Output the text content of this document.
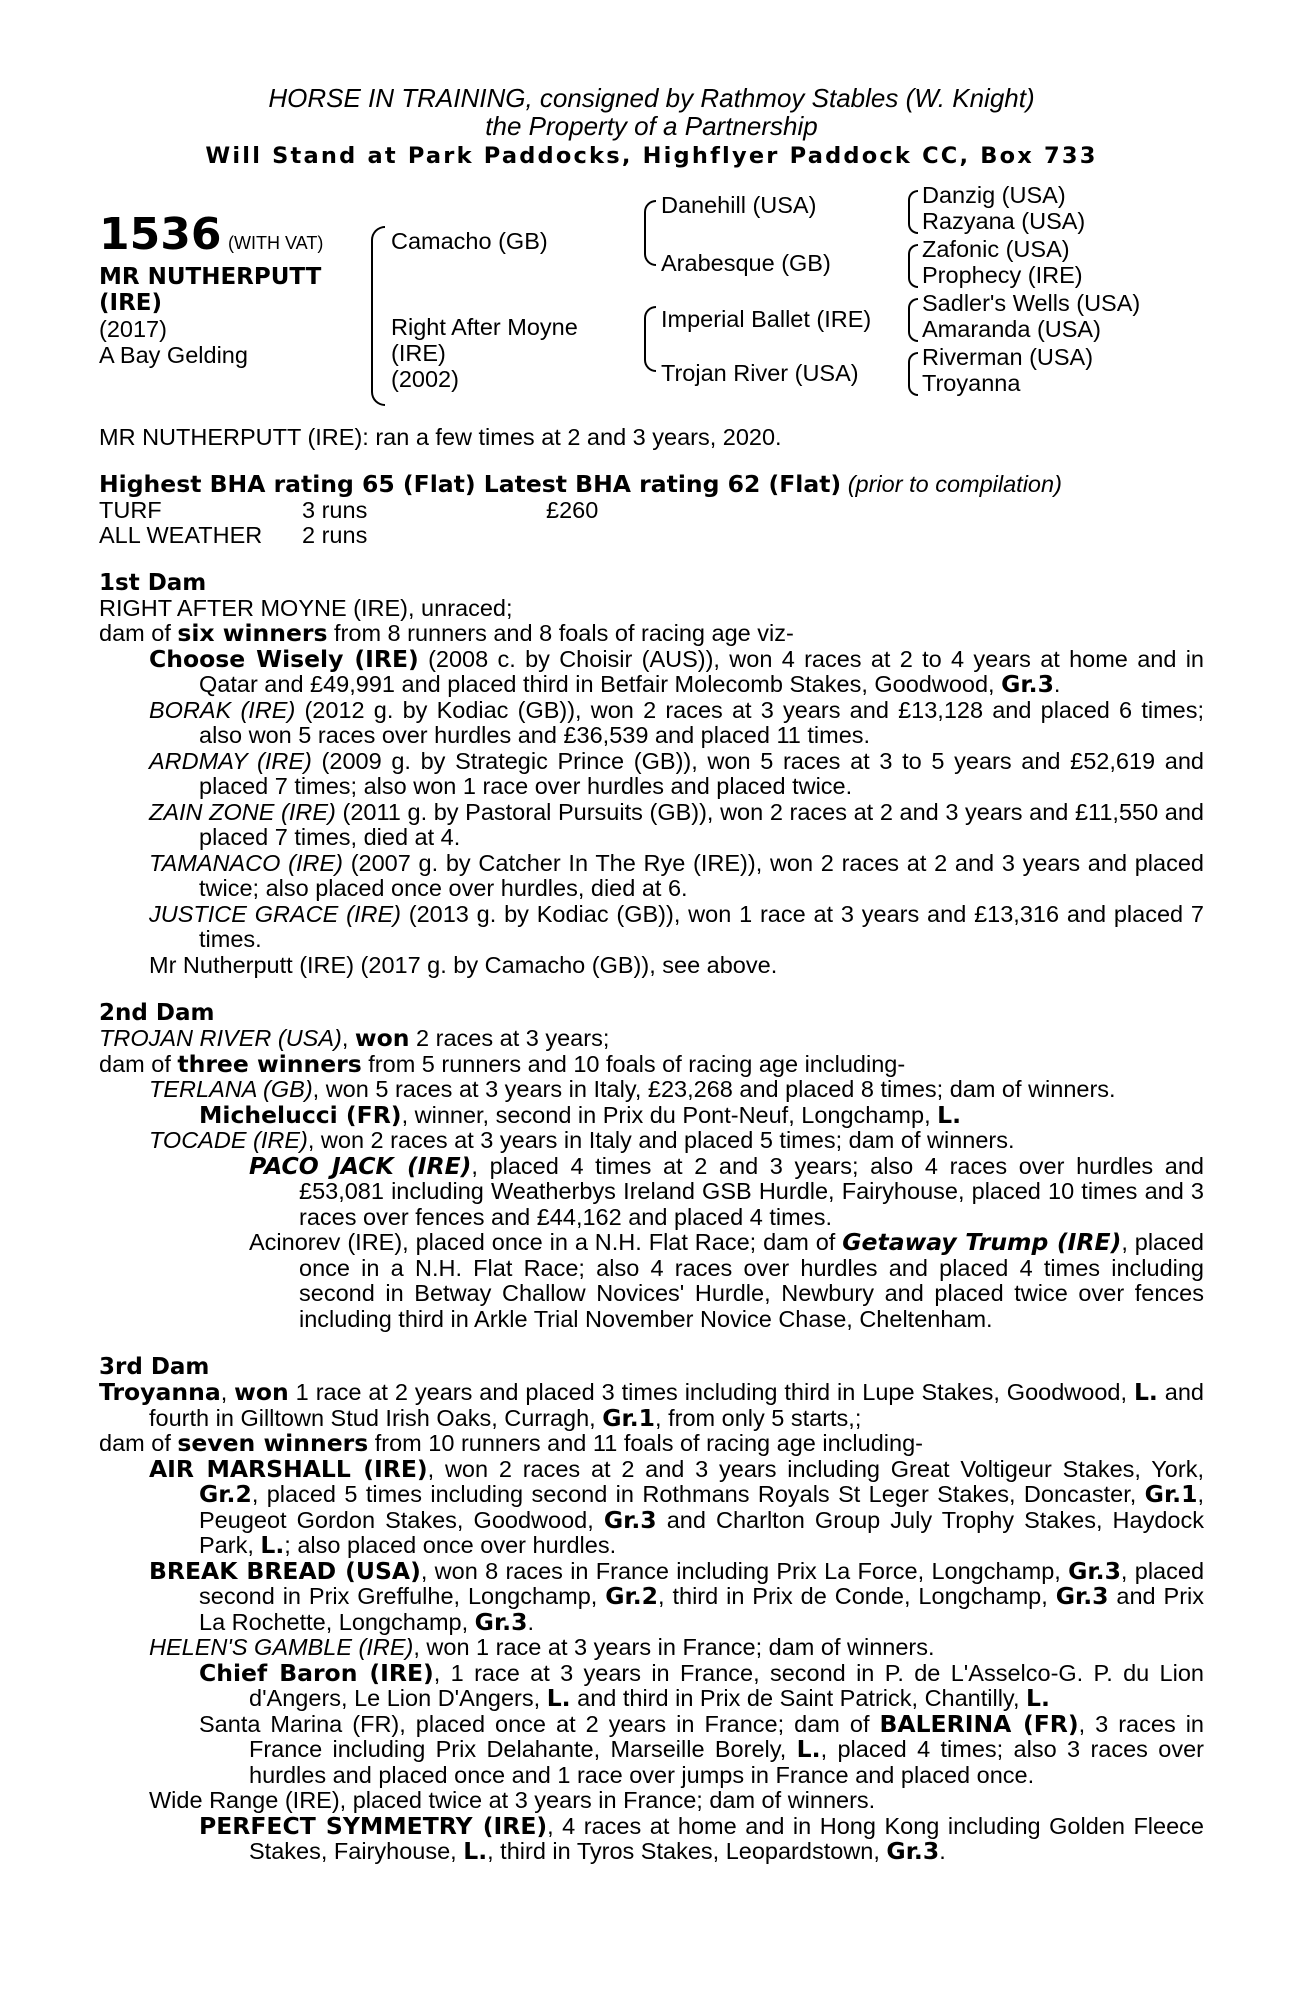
HORSE IN TRAINING, consigned by Rathmoy Stables (W. Knight)
the Property of a Partnership
Will Stand at Park Paddocks, Highflyer Paddock CC, Box 733
1536 (WITH VAT)
MR NUTHERPUTT
(IRE)
(2017)
A Bay Gelding
Camacho (GB)
Right After Moyne
(IRE)
(2002)
Danehill (USA)
Arabesque (GB)
Imperial Ballet (IRE)
Trojan River (USA)
Danzig (USA)
Razyana (USA)
Zafonic (USA)
Prophecy (IRE)
Sadler's Wells (USA)
Amaranda (USA)
Riverman (USA)
Troyanna
MR NUTHERPUTT (IRE): ran a few times at 2 and 3 years, 2020.
Highest BHA rating 65 (Flat) Latest BHA rating 62 (Flat) (prior to compilation)
TURF	3 runs	£260
ALL WEATHER 2 runs
1st Dam
RIGHT AFTER MOYNE (IRE), unraced;
dam of six winners from 8 runners and 8 foals of racing age viz-
Choose Wisely (IRE) (2008 c. by Choisir (AUS)), won 4 races at 2 to 4 years at home and in Qatar and £49,991 and placed third in Betfair Molecomb Stakes, Goodwood, Gr.3.
BORAK (IRE) (2012 g. by Kodiac (GB)), won 2 races at 3 years and £13,128 and placed 6 times; also won 5 races over hurdles and £36,539 and placed 11 times.
ARDMAY (IRE) (2009 g. by Strategic Prince (GB)), won 5 races at 3 to 5 years and £52,619 and placed 7 times; also won 1 race over hurdles and placed twice.
ZAIN ZONE (IRE) (2011 g. by Pastoral Pursuits (GB)), won 2 races at 2 and 3 years and £11,550 and placed 7 times, died at 4.
TAMANACO (IRE) (2007 g. by Catcher In The Rye (IRE)), won 2 races at 2 and 3 years and placed twice; also placed once over hurdles, died at 6.
JUSTICE GRACE (IRE) (2013 g. by Kodiac (GB)), won 1 race at 3 years and £13,316 and placed 7 times.
Mr Nutherputt (IRE) (2017 g. by Camacho (GB)), see above.
2nd Dam
TROJAN RIVER (USA), won 2 races at 3 years;
dam of three winners from 5 runners and 10 foals of racing age including-
TERLANA (GB), won 5 races at 3 years in Italy, £23,268 and placed 8 times; dam of winners.
Michelucci (FR), winner, second in Prix du Pont-Neuf, Longchamp, L.
TOCADE (IRE), won 2 races at 3 years in Italy and placed 5 times; dam of winners.
PACO JACK (IRE), placed 4 times at 2 and 3 years; also 4 races over hurdles and £53,081 including Weatherbys Ireland GSB Hurdle, Fairyhouse, placed 10 times and 3 races over fences and £44,162 and placed 4 times.
Acinorev (IRE), placed once in a N.H. Flat Race; dam of Getaway Trump (IRE), placed once in a N.H. Flat Race; also 4 races over hurdles and placed 4 times including second in Betway Challow Novices' Hurdle, Newbury and placed twice over fences including third in Arkle Trial November Novice Chase, Cheltenham.
3rd Dam
Troyanna, won 1 race at 2 years and placed 3 times including third in Lupe Stakes, Goodwood, L. and fourth in Gilltown Stud Irish Oaks, Curragh, Gr.1, from only 5 starts,;
dam of seven winners from 10 runners and 11 foals of racing age including-
AIR MARSHALL (IRE), won 2 races at 2 and 3 years including Great Voltigeur Stakes, York, Gr.2, placed 5 times including second in Rothmans Royals St Leger Stakes, Doncaster, Gr.1, Peugeot Gordon Stakes, Goodwood, Gr.3 and Charlton Group July Trophy Stakes, Haydock Park, L.; also placed once over hurdles.
BREAK BREAD (USA), won 8 races in France including Prix La Force, Longchamp, Gr.3, placed second in Prix Greffulhe, Longchamp, Gr.2, third in Prix de Conde, Longchamp, Gr.3 and Prix La Rochette, Longchamp, Gr.3.
HELEN'S GAMBLE (IRE), won 1 race at 3 years in France; dam of winners.
Chief Baron (IRE), 1 race at 3 years in France, second in P. de L'Asselco-G. P. du Lion d'Angers, Le Lion D'Angers, L. and third in Prix de Saint Patrick, Chantilly, L.
Santa Marina (FR), placed once at 2 years in France; dam of BALERINA (FR), 3 races in France including Prix Delahante, Marseille Borely, L., placed 4 times; also 3 races over hurdles and placed once and 1 race over jumps in France and placed once.
Wide Range (IRE), placed twice at 3 years in France; dam of winners.
PERFECT SYMMETRY (IRE), 4 races at home and in Hong Kong including Golden Fleece Stakes, Fairyhouse, L., third in Tyros Stakes, Leopardstown, Gr.3.
